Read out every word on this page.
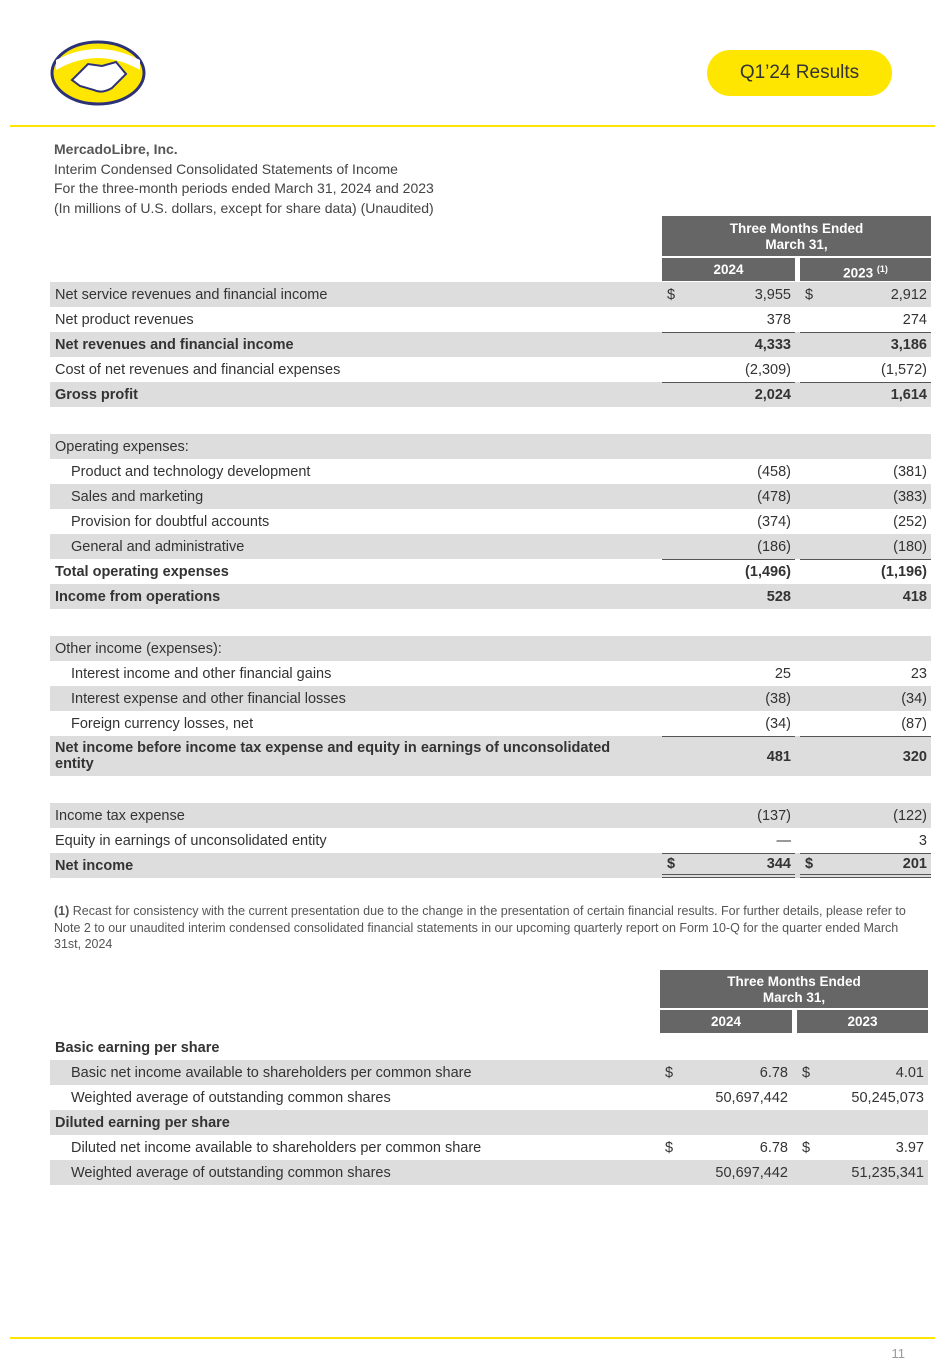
Q1’24 Results
MercadoLibre, Inc.
Interim Condensed Consolidated Statements of Income
For the three-month periods ended March 31, 2024 and 2023
(In millions of U.S. dollars, except for share data) (Unaudited)
Three Months Ended
March 31,
2024	2023 $^{(1)}$
Net service revenues and financial income	$	3,955 $	2,912
Net product revenues	378	274
Net revenues and financial income	4,333	3,186
Cost of net revenues and financial expenses	(2,309)	(1,572)
Gross profit	2,024	1,614
Operating expenses:
Product and technology development	(458)	(381)
Sales and marketing	(478)	(383)
Provision for doubtful accounts	(374)	(252)
General and administrative	(186)	(180)
Total operating expenses	(1,496)	(1,196)
Income from operations	528	418
Other income (expenses):
Interest income and other financial gains	25	23
Interest expense and other financial losses	(38)	(34)
Foreign currency losses, net	(34)	(87)
Net income before income tax expense and equity in earnings of unconsolidated entity	481	320
Income tax expense	(137)	(122)
Equity in earnings of unconsolidated entity	—	3
Net income	$	344 $	201
(1) Recast for consistency with the current presentation due to the change in the presentation of certain financial results. For further details, please refer to Note 2 to our unaudited interim condensed consolidated financial statements in our upcoming quarterly report on Form 10-Q for the quarter ended March 31st, 2024
Three Months Ended
March 31,
2024	2023
Basic earning per share
Basic net income available to shareholders per common share	$	6.78 $	4.01
Weighted average of outstanding common shares	50,697,442	50,245,073
Diluted earning per share
Diluted net income available to shareholders per common share	$	6.78 $	3.97
Weighted average of outstanding common shares	50,697,442	51,235,341
11
